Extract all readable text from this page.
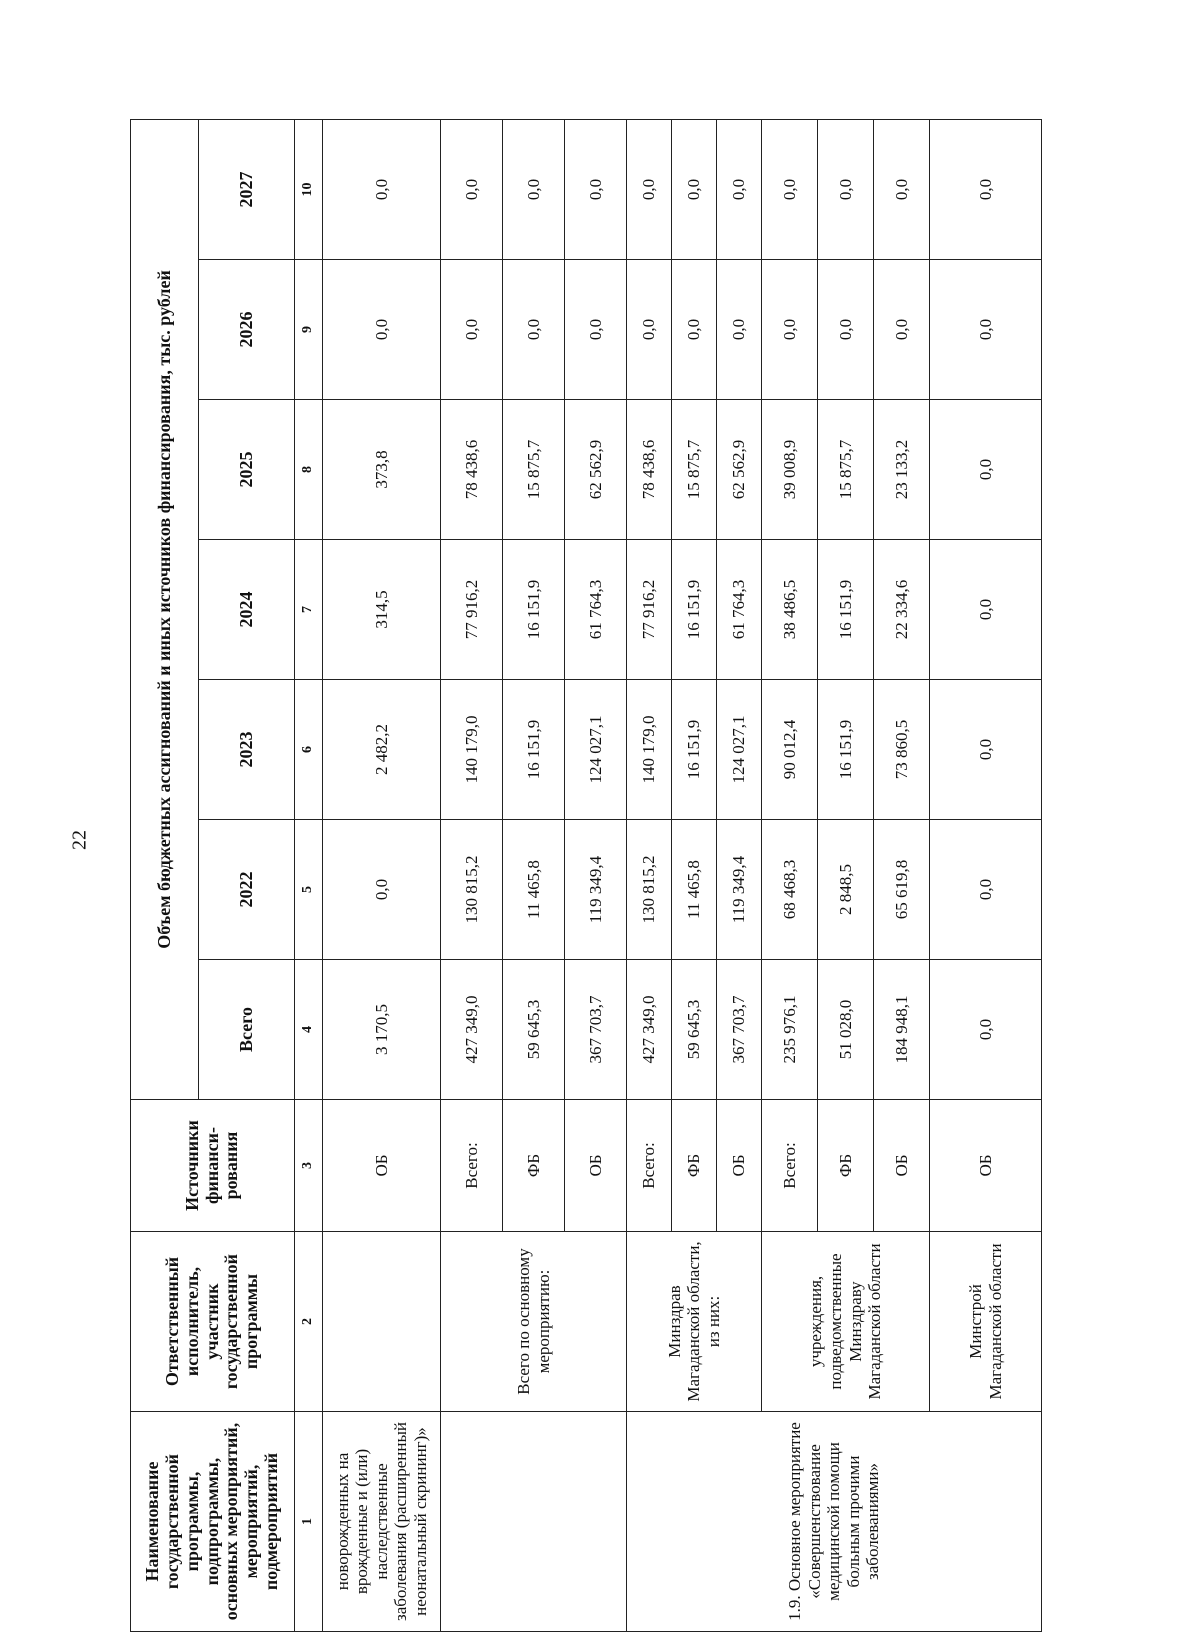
22
Наименование государственной программы, подпрограммы, основных мероприятий, мероприятий, подмероприятий	Ответственный исполнитель, участник государственной программы	Источники финанси-рования	Объем бюджетных ассигнований и иных источников финансирования, тыс. рублей						
			Всего	2022	2023	2024	2025	2026	2027
1	2	3	4	5	6	7	8	9	10
новорожденных на врожденные и (или) наследственные заболевания (расширенный неонатальный скрининг)»		ОБ	3 170,5	0,0	2 482,2	314,5	373,8	0,0	0,0
	Всего по основному мероприятию:	Всего:	427 349,0	130 815,2	140 179,0	77 916,2	78 438,6	0,0	0,0
		ФБ	59 645,3	11 465,8	16 151,9	16 151,9	15 875,7	0,0	0,0
		ОБ	367 703,7	119 349,4	124 027,1	61 764,3	62 562,9	0,0	0,0
1.9. Основное мероприятие «Совершенствование медицинской помощи больным прочими заболеваниями»	Минздрав Магаданской области, из них:	Всего:	427 349,0	130 815,2	140 179,0	77 916,2	78 438,6	0,0	0,0
		ФБ	59 645,3	11 465,8	16 151,9	16 151,9	15 875,7	0,0	0,0
		ОБ	367 703,7	119 349,4	124 027,1	61 764,3	62 562,9	0,0	0,0
	учреждения, подведомственные Минздраву Магаданской области	Всего:	235 976,1	68 468,3	90 012,4	38 486,5	39 008,9	0,0	0,0
		ФБ	51 028,0	2 848,5	16 151,9	16 151,9	15 875,7	0,0	0,0
		ОБ	184 948,1	65 619,8	73 860,5	22 334,6	23 133,2	0,0	0,0
	Минстрой Магаданской области	ОБ	0,0	0,0	0,0	0,0	0,0	0,0	0,0
